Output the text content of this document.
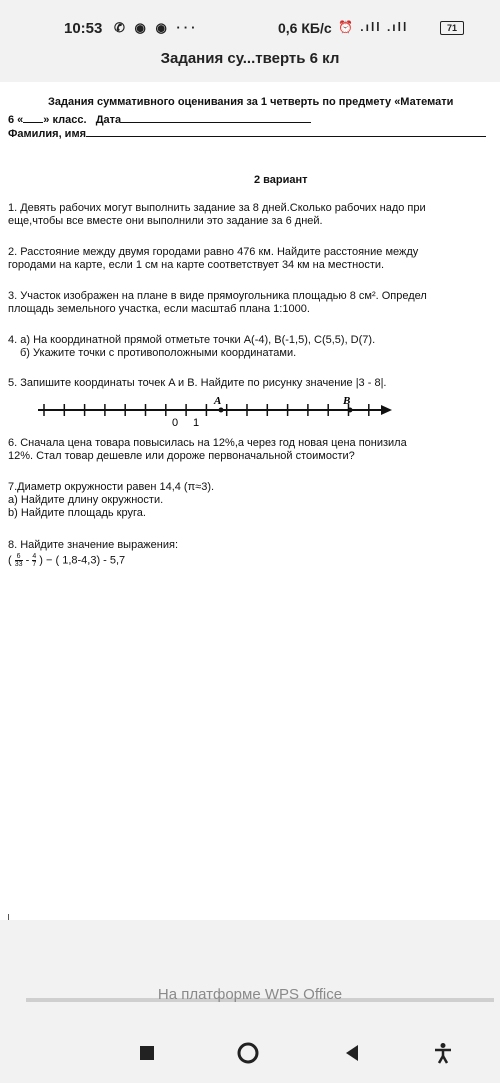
10:53 ✆ ◉ ◉ ···	0,6 КБ/с ⏰ .ıll .ıll	71
Задания су...тверть 6 кл
Задания суммативного оценивания за 1 четверть по предмету «Математи
6 « » класс. Дата
Фамилия, имя
2 вариант
1. Девять рабочих могут выполнить задание за 8 дней.Сколько рабочих надо при
еще,чтобы все вместе они выполнили это задание за 6 дней.
2. Расстояние между двумя городами равно 476 км. Найдите расстояние между
городами на карте, если 1 см на карте соответствует 34 км на местности.
3. Участок изображен на плане в виде прямоугольника площадью 8 см². Определ
площадь земельного участка, если масштаб плана 1:1000.
4. а) На координатной прямой отметьте точки A(-4), B(-1,5), C(5,5), D(7).
б) Укажите точки с противоположными координатами.
5. Запишите координаты точек A и B. Найдите по рисунку значение |3 - 8|.
A	B
0 1
6. Сначала цена товара повысилась на 12%,а через год новая цена понизила
12%. Стал товар дешевле или дороже первоначальной стоимости?
7.Диаметр окружности равен 14,4 (π≈3).
a) Найдите длину окружности.
b) Найдите площадь круга.
8. Найдите значение выражения:
( $\frac{6}{33} - \frac{4}{7}$ ) − ( 1,8-4,3) - 5,7
На платформе WPS Office
